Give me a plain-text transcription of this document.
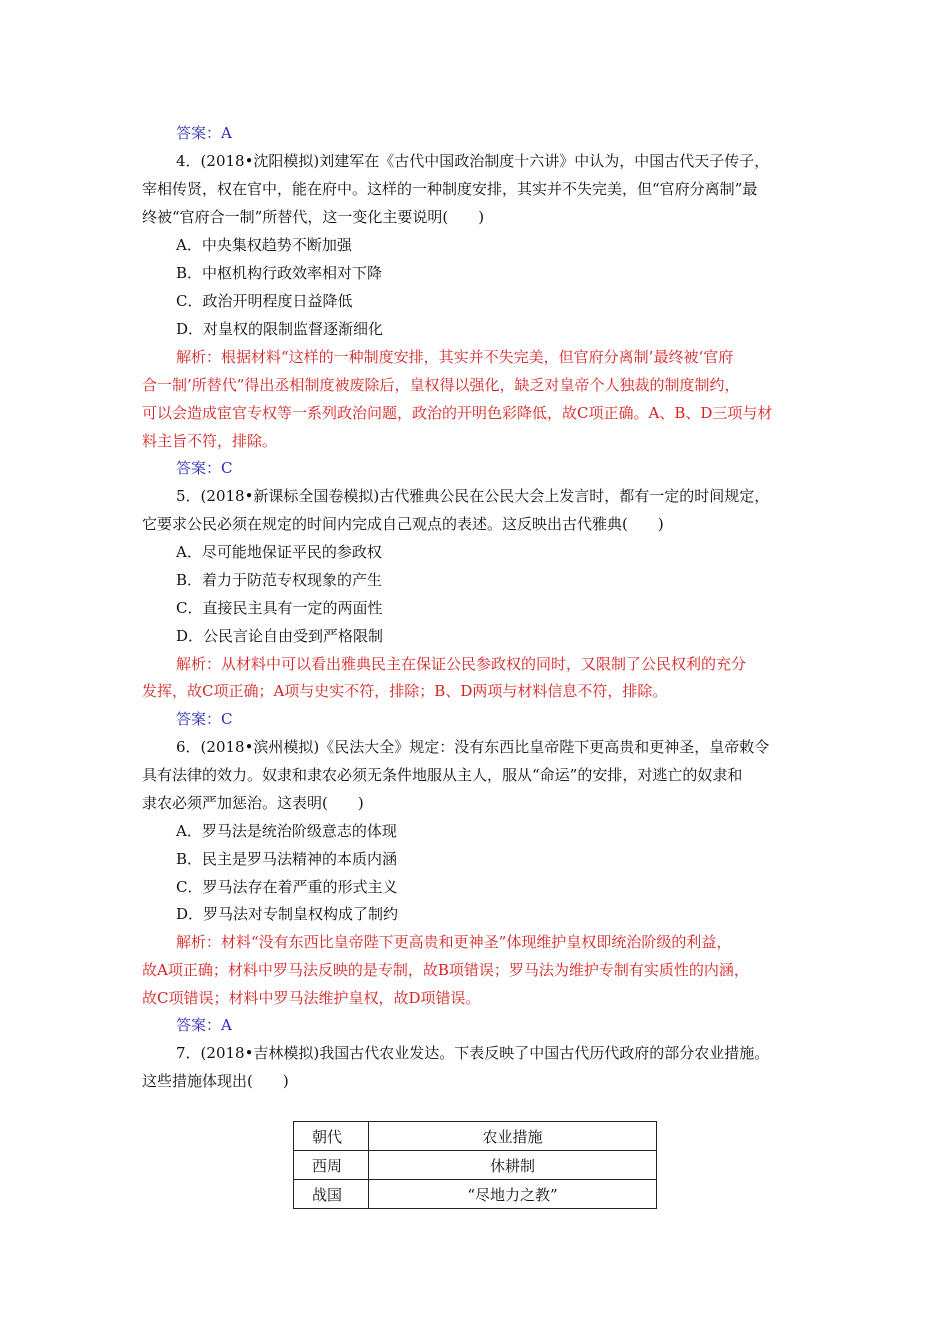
答案：A
4．(2018•沈阳模拟)刘建军在《古代中国政治制度十六讲》中认为，中国古代天子传子，
宰相传贤，权在官中，能在府中。这样的一种制度安排，其实并不失完美，但“官府分离制”最
终被“官府合一制”所替代，这一变化主要说明(　　)
A．中央集权趋势不断加强
B．中枢机构行政效率相对下降
C．政治开明程度日益降低
D．对皇权的限制监督逐渐细化
解析：根据材料“这样的一种制度安排，其实并不失完美，但官府分离制’最终被‘官府
合一制’所替代”得出丞相制度被废除后，皇权得以强化，缺乏对皇帝个人独裁的制度制约，
可以会造成宦官专权等一系列政治问题，政治的开明色彩降低，故C项正确。A、B、D三项与材
料主旨不符，排除。
答案：C
5．(2018•新课标全国卷模拟)古代雅典公民在公民大会上发言时，都有一定的时间规定，
它要求公民必须在规定的时间内完成自己观点的表述。这反映出古代雅典(　　)
A．尽可能地保证平民的参政权
B．着力于防范专权现象的产生
C．直接民主具有一定的两面性
D．公民言论自由受到严格限制
解析：从材料中可以看出雅典民主在保证公民参政权的同时，又限制了公民权利的充分
发挥，故C项正确；A项与史实不符，排除；B、D两项与材料信息不符，排除。
答案：C
6．(2018•滨州模拟)《民法大全》规定：没有东西比皇帝陛下更高贵和更神圣，皇帝敕令
具有法律的效力。奴隶和隶农必须无条件地服从主人，服从“命运”的安排，对逃亡的奴隶和
隶农必须严加惩治。这表明(　　)
A．罗马法是统治阶级意志的体现
B．民主是罗马法精神的本质内涵
C．罗马法存在着严重的形式主义
D．罗马法对专制皇权构成了制约
解析：材料“没有东西比皇帝陛下更高贵和更神圣”体现维护皇权即统治阶级的利益，
故A项正确；材料中罗马法反映的是专制，故B项错误；罗马法为维护专制有实质性的内涵，
故C项错误；材料中罗马法维护皇权，故D项错误。
答案：A
7．(2018•吉林模拟)我国古代农业发达。下表反映了中国古代历代政府的部分农业措施。
这些措施体现出(　　)
朝代	农业措施
西周	休耕制
战国	“尽地力之教”
